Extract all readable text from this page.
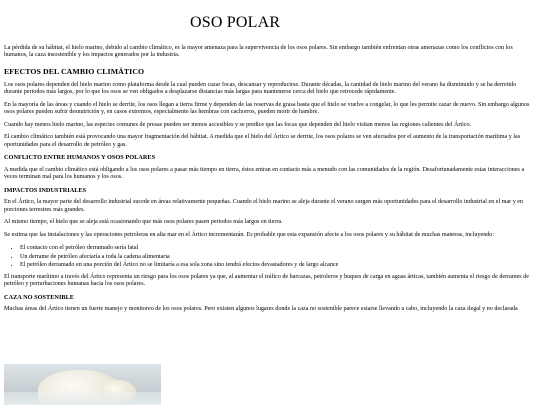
OSO POLAR

La pérdida de su hábitat, el hielo marino, debido al cambio climático, es la mayor amenaza para la supervivencia de los osos polares. Sin embargo también enfrentan otras amenazas como los conflictos con los humanos, la caza insostenible y los impactos generados por la industria.

EFECTOS DEL CAMBIO CLIMÁTICO

Los osos polares dependen del hielo marino como plataforma desde la cual pueden cazar focas, descansar y reproducirse. Durante décadas, la cantidad de hielo marino del verano ha disminuido y se ha derretido durante periodos más largos, por lo que los osos se ven obligados a desplazarse distancias más largas para mantenerse cerca del hielo que retrocede rápidamente.

En la mayoría de las áreas y cuando el hielo se derrite, los osos llegan a tierra firme y dependen de las reservas de grasa hasta que el hielo se vuelve a congelar, lo que les permite cazar de nuevo. Sin embargo algunos osos polares pueden sufrir desnutrición y, en casos extremos, especialmente las hembras con cachorros, pueden morir de hambre.

Cuando hay menos hielo marino, las especies comunes de presas pueden ser menos accesibles y se predice que las focas que dependen del hielo visitan menos las regiones calientes del Ártico.

El cambio climático también está provocando una mayor fragmentación del hábitat. A medida que el hielo del Ártico se derrite, los osos polares se ven afectados por el aumento de la transportación marítima y las oportunidades para el desarrollo de petróleo y gas.

CONFLICTO ENTRE HUMANOS Y OSOS POLARES

A medida que el cambio climático está obligando a los osos polares a pasar más tiempo en tierra, éstos entran en contacto más a menudo con las comunidades de la región. Desafortunadamente estas interacciones a veces terminan mal para los humanos y los osos.

IMPACTOS INDUSTRIALES

En el Ártico, la mayor parte del desarrollo industrial sucede en áreas relativamente pequeñas. Cuando el hielo marino se aleja durante el verano surgen más oportunidades para el desarrollo industrial en el mar y en porciones terrestres más grandes.

Al mismo tiempo, el hielo que se aleja está ocasionando que más osos polares pasen periodos más largos en tierra.

Se estima que las instalaciones y las operaciones petroleras en alta mar en el Ártico incrementarán. Es probable que esta expansión afecte a los osos polares y su hábitat de muchas maneras, incluyendo:

• El contacto con el petróleo derramado sería fatal
• Un derrame de petróleo afectaría a toda la cadena alimentaria
• El petróleo derramado en una porción del Ártico no se limitaría a esa sola zona sino tendrá efectos devastadores y de largo alcance

El transporte marítimo a través del Ártico representa un riesgo para los osos polares ya que, al aumentar el tráfico de barcazas, petroleros y buques de carga en aguas árticas, también aumenta el riesgo de derrames de petróleo y perturbaciones humanas hacia los osos polares.

CAZA NO SOSTENIBLE

Muchas áreas del Ártico tienen un fuerte manejo y monitoreo de los osos polares. Pero existen algunos lugares donde la caza no sostenible parece estarse llevando a cabo, incluyendo la caza ilegal y no declarada
